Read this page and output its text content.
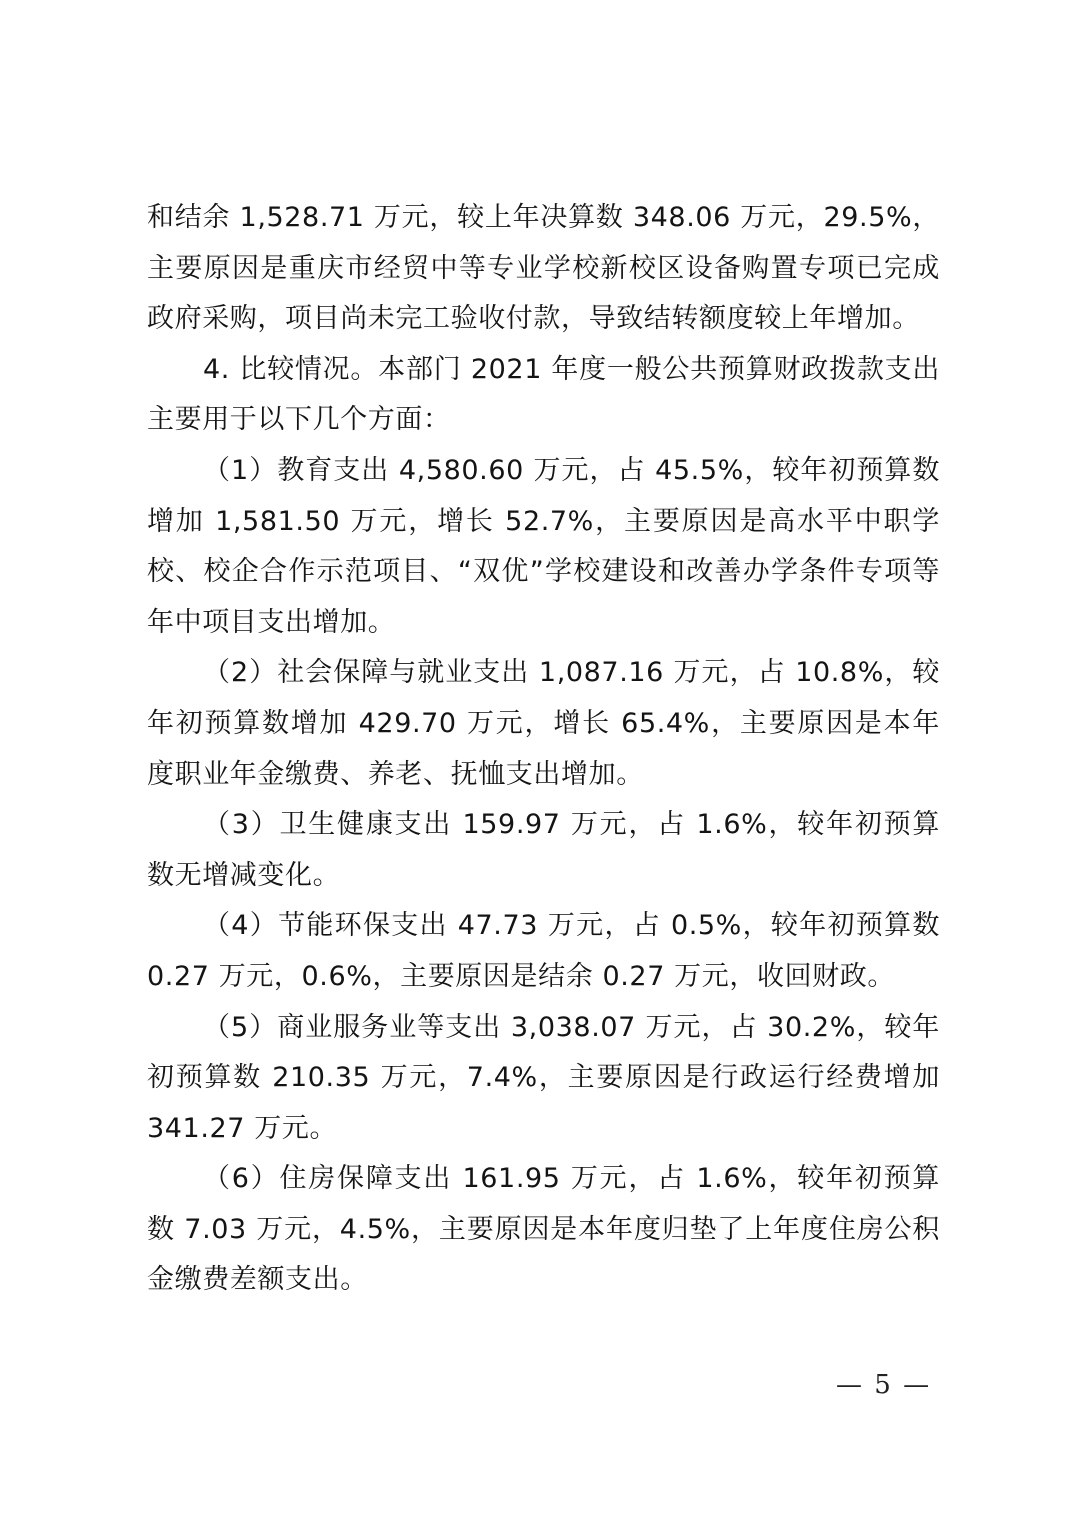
和结余 1,528.71 万元，较上年决算数 348.06 万元，29.5%，主要原因是重庆市经贸中等专业学校新校区设备购置专项已完成政府采购，项目尚未完工验收付款，导致结转额度较上年增加。

4. 比较情况。本部门 2021 年度一般公共预算财政拨款支出主要用于以下几个方面：

（1）教育支出 4,580.60 万元，占 45.5%，较年初预算数增加 1,581.50 万元，增长 52.7%，主要原因是高水平中职学校、校企合作示范项目、“双优”学校建设和改善办学条件专项等年中项目支出增加。

（2）社会保障与就业支出 1,087.16 万元，占 10.8%，较年初预算数增加 429.70 万元，增长 65.4%，主要原因是本年度职业年金缴费、养老、抚恤支出增加。

（3）卫生健康支出 159.97 万元，占 1.6%，较年初预算数无增减变化。

（4）节能环保支出 47.73 万元，占 0.5%，较年初预算数 0.27 万元，0.6%，主要原因是结余 0.27 万元，收回财政。

（5）商业服务业等支出 3,038.07 万元，占 30.2%，较年初预算数 210.35 万元，7.4%，主要原因是行政运行经费增加 341.27 万元。

（6）住房保障支出 161.95 万元，占 1.6%，较年初预算数 7.03 万元，4.5%，主要原因是本年度归垫了上年度住房公积金缴费差额支出。

— 5 —
